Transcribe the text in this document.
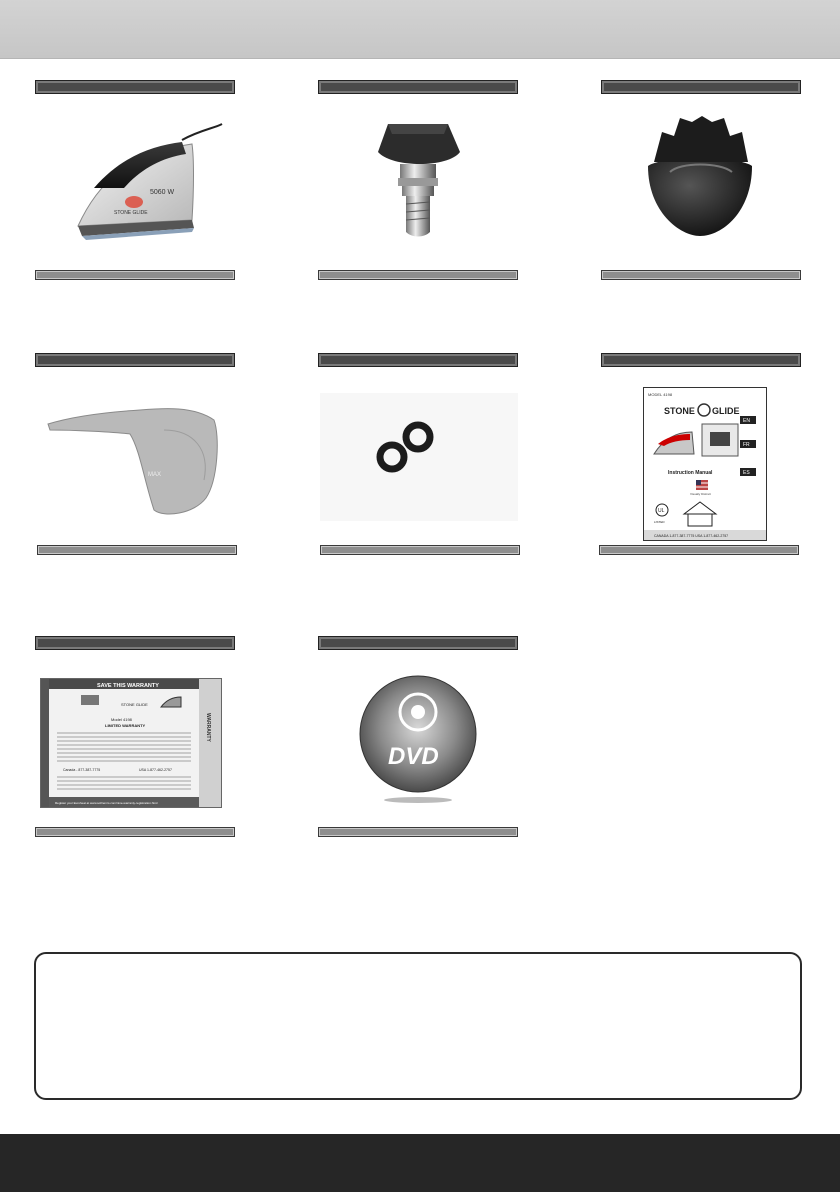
5060 W
STONE GLIDE
MAX
MODEL 4198
STONE GLIDE
EN
FR
Instruction Manual	ES
Visually Distinct
UL
LISTED
CANADA 1-877-387-7775 USA 1-877-462-2757
SAVE THIS WARRANTY
WARRANTY
STONE GLIDE
Model 4198
LIMITED WARRANTY
Canada - 877-387-7775	USA 1-877-462-2757
Register your Euroheat at www.sofiremrs.com/nine-warranty-registration.html
DVD
